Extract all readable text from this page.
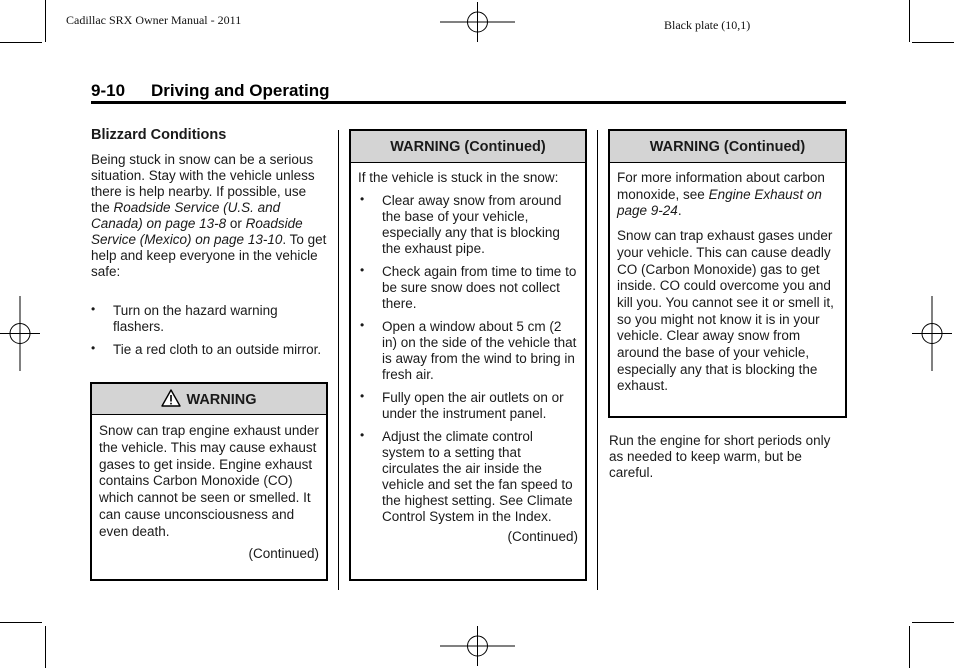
Cadillac SRX Owner Manual - 2011	Black plate (10,1)
9-10 Driving and Operating
Blizzard Conditions

Being stuck in snow can be a serious situation. Stay with the vehicle unless there is help nearby. If possible, use the Roadside Service (U.S. and Canada) on page 13-8 or Roadside Service (Mexico) on page 13-10. To get help and keep everyone in the vehicle safe:

• Turn on the hazard warning flashers.
• Tie a red cloth to an outside mirror.
WARNING

Snow can trap engine exhaust under the vehicle. This may cause exhaust gases to get inside. Engine exhaust contains Carbon Monoxide (CO) which cannot be seen or smelled. It can cause unconsciousness and even death.

(Continued)
WARNING (Continued)

If the vehicle is stuck in the snow:

• Clear away snow from around the base of your vehicle, especially any that is blocking the exhaust pipe.
• Check again from time to time to be sure snow does not collect there.
• Open a window about 5 cm (2 in) on the side of the vehicle that is away from the wind to bring in fresh air.
• Fully open the air outlets on or under the instrument panel.
• Adjust the climate control system to a setting that circulates the air inside the vehicle and set the fan speed to the highest setting. See Climate Control System in the Index.
(Continued)
WARNING (Continued)

For more information about carbon monoxide, see Engine Exhaust on page 9-24.

Snow can trap exhaust gases under your vehicle. This can cause deadly CO (Carbon Monoxide) gas to get inside. CO could overcome you and kill you. You cannot see it or smell it, so you might not know it is in your vehicle. Clear away snow from around the base of your vehicle, especially any that is blocking the exhaust.

Run the engine for short periods only as needed to keep warm, but be careful.
